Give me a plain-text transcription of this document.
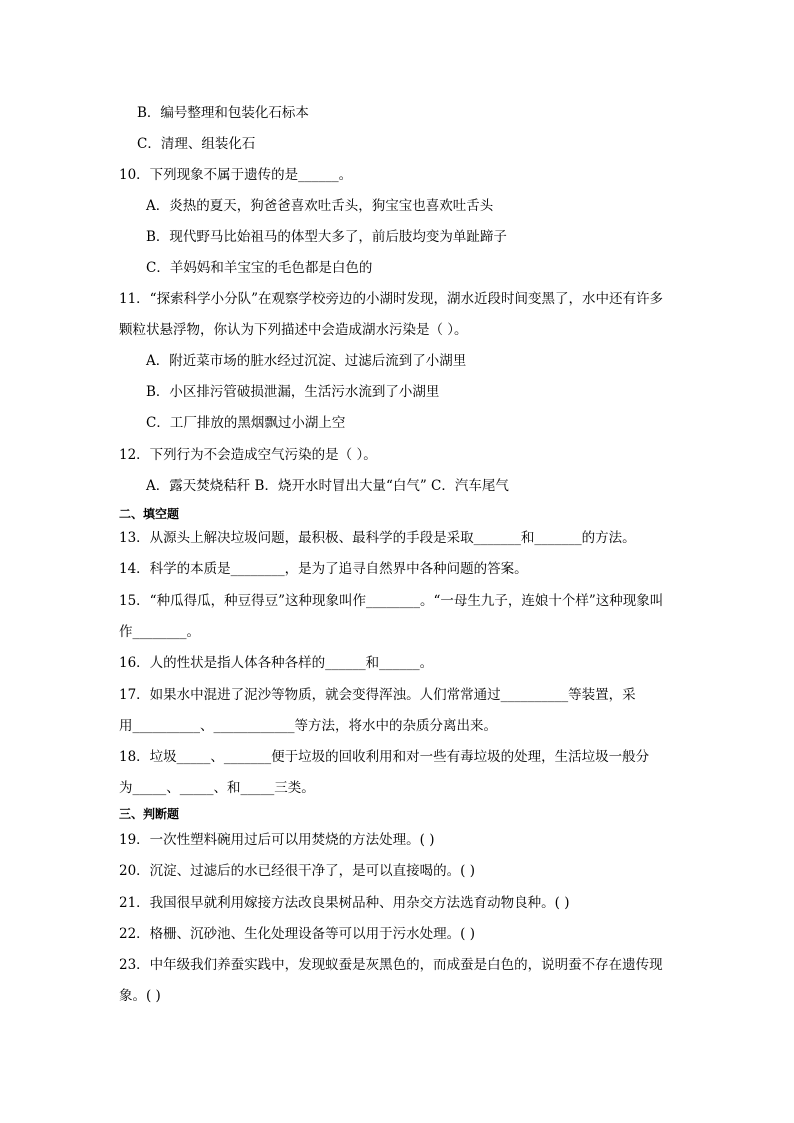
B．编号整理和包装化石标本
C．清理、组装化石
10．下列现象不属于遗传的是______。
A．炎热的夏天，狗爸爸喜欢吐舌头，狗宝宝也喜欢吐舌头
B．现代野马比始祖马的体型大多了，前后肢均变为单趾蹄子
C．羊妈妈和羊宝宝的毛色都是白色的
11．“探索科学小分队”在观察学校旁边的小湖时发现，湖水近段时间变黑了，水中还有许多
颗粒状悬浮物，你认为下列描述中会造成湖水污染是（ ）。
A．附近菜市场的脏水经过沉淀、过滤后流到了小湖里
B．小区排污管破损泄漏，生活污水流到了小湖里
C．工厂排放的黑烟飘过小湖上空
12．下列行为不会造成空气污染的是（ ）。
A．露天焚烧秸秆 B．烧开水时冒出大量“白气” C．汽车尾气
二、填空题
13．从源头上解决垃圾问题，最积极、最科学的手段是采取_______和_______的方法。
14．科学的本质是________，是为了追寻自然界中各种问题的答案。
15．“种瓜得瓜，种豆得豆”这种现象叫作________。“一母生九子，连娘十个样”这种现象叫
作________。
16．人的性状是指人体各种各样的______和______。
17．如果水中混进了泥沙等物质，就会变得浑浊。人们常常通过__________等装置，采
用__________、____________等方法，将水中的杂质分离出来。
18．垃圾_____、_______便于垃圾的回收利用和对一些有毒垃圾的处理，生活垃圾一般分
为_____、_____、和_____三类。
三、判断题
19．一次性塑料碗用过后可以用焚烧的方法处理。( )
20．沉淀、过滤后的水已经很干净了，是可以直接喝的。( )
21．我国很早就利用嫁接方法改良果树品种、用杂交方法选育动物良种。( )
22．格栅、沉砂池、生化处理设备等可以用于污水处理。( )
23．中年级我们养蚕实践中，发现蚁蚕是灰黑色的，而成蚕是白色的，说明蚕不存在遗传现
象。( )
